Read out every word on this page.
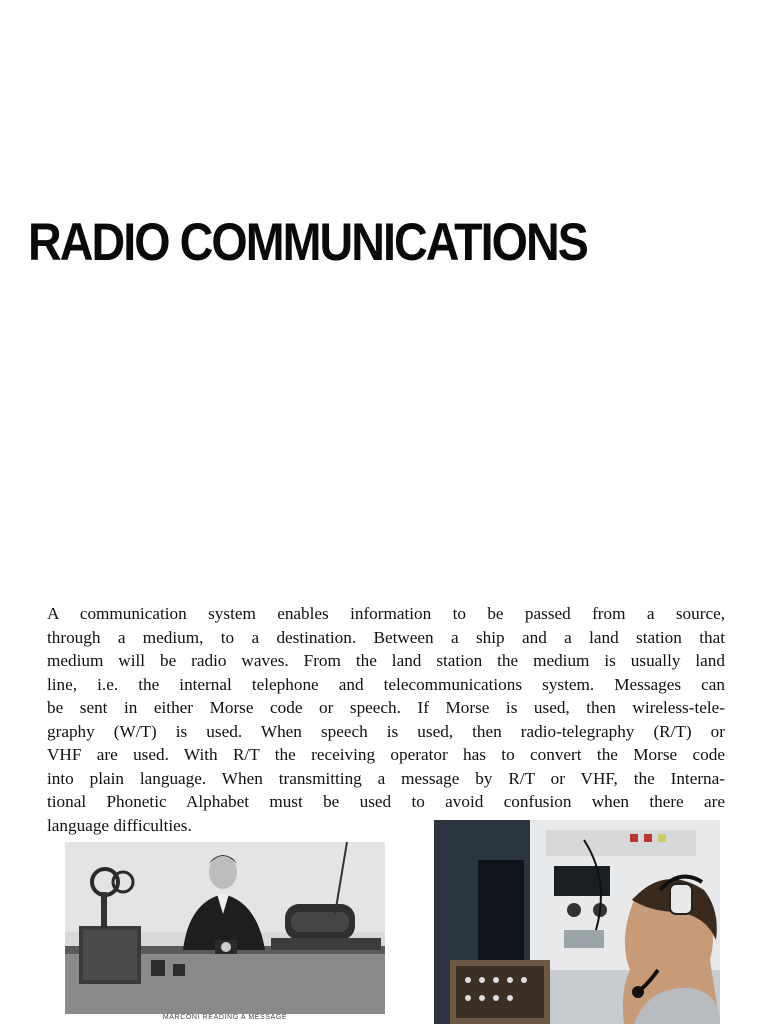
RADIO COMMUNICATIONS
A communication system enables information to be passed from a source,
through a medium, to a destination. Between a ship and a land station that
medium will be radio waves. From the land station the medium is usually land
line, i.e. the internal telephone and telecommunications system. Messages can
be sent in either Morse code or speech. If Morse is used, then wireless-tele-
graphy (W/T) is used. When speech is used, then radio-telegraphy (R/T) or
VHF are used. With R/T the receiving operator has to convert the Morse code
into plain language. When transmitting a message by R/T or VHF, the Interna-
tional Phonetic Alphabet must be used to avoid confusion when there are
language difficulties.
MARCONI READING A MESSAGE
